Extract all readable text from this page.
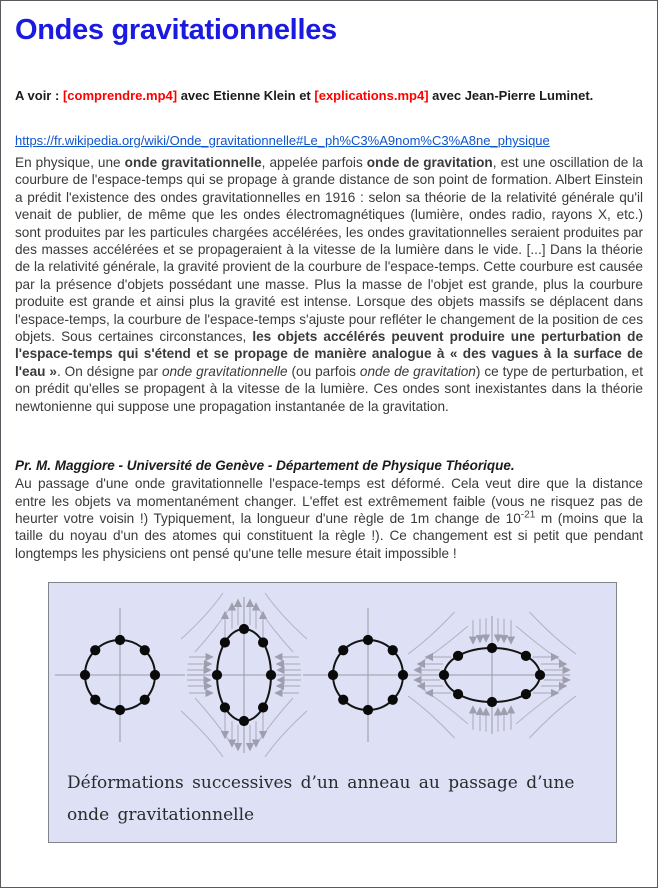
Ondes gravitationnelles

A voir : [comprendre.mp4] avec Etienne Klein et [explications.mp4] avec Jean-Pierre Luminet.

https://fr.wikipedia.org/wiki/Onde_gravitationnelle#Le_ph%C3%A9nom%C3%A8ne_physique

En physique, une onde gravitationnelle, appelée parfois onde de gravitation, est une oscillation de la courbure de l'espace-temps qui se propage à grande distance de son point de formation. Albert Einstein a prédit l'existence des ondes gravitationnelles en 1916 : selon sa théorie de la relativité générale qu'il venait de publier, de même que les ondes électromagnétiques (lumière, ondes radio, rayons X, etc.) sont produites par les particules chargées accélérées, les ondes gravitationnelles seraient produites par des masses accélérées et se propageraient à la vitesse de la lumière dans le vide. [...] Dans la théorie de la relativité générale, la gravité provient de la courbure de l'espace-temps. Cette courbure est causée par la présence d'objets possédant une masse. Plus la masse de l'objet est grande, plus la courbure produite est grande et ainsi plus la gravité est intense. Lorsque des objets massifs se déplacent dans l'espace-temps, la courbure de l'espace-temps s'ajuste pour refléter le changement de la position de ces objets. Sous certaines circonstances, les objets accélérés peuvent produire une perturbation de l'espace-temps qui s'étend et se propage de manière analogue à « des vagues à la surface de l'eau ». On désigne par onde gravitationnelle (ou parfois onde de gravitation) ce type de perturbation, et on prédit qu'elles se propagent à la vitesse de la lumière. Ces ondes sont inexistantes dans la théorie newtonienne qui suppose une propagation instantanée de la gravitation.

Pr. M. Maggiore - Université de Genève - Département de Physique Théorique.

Au passage d'une onde gravitationnelle l'espace-temps est déformé. Cela veut dire que la distance entre les objets va momentanément changer. L'effet est extrêmement faible (vous ne risquez pas de heurter votre voisin !) Typiquement, la longueur d'une règle de 1m change de $10^{-21}$ m (moins que la taille du noyau d'un des atomes qui constituent la règle !). Ce changement est si petit que pendant longtemps les physiciens ont pensé qu'une telle mesure était impossible !

Déformations successives d’un anneau au passage d’une onde gravitationnelle
